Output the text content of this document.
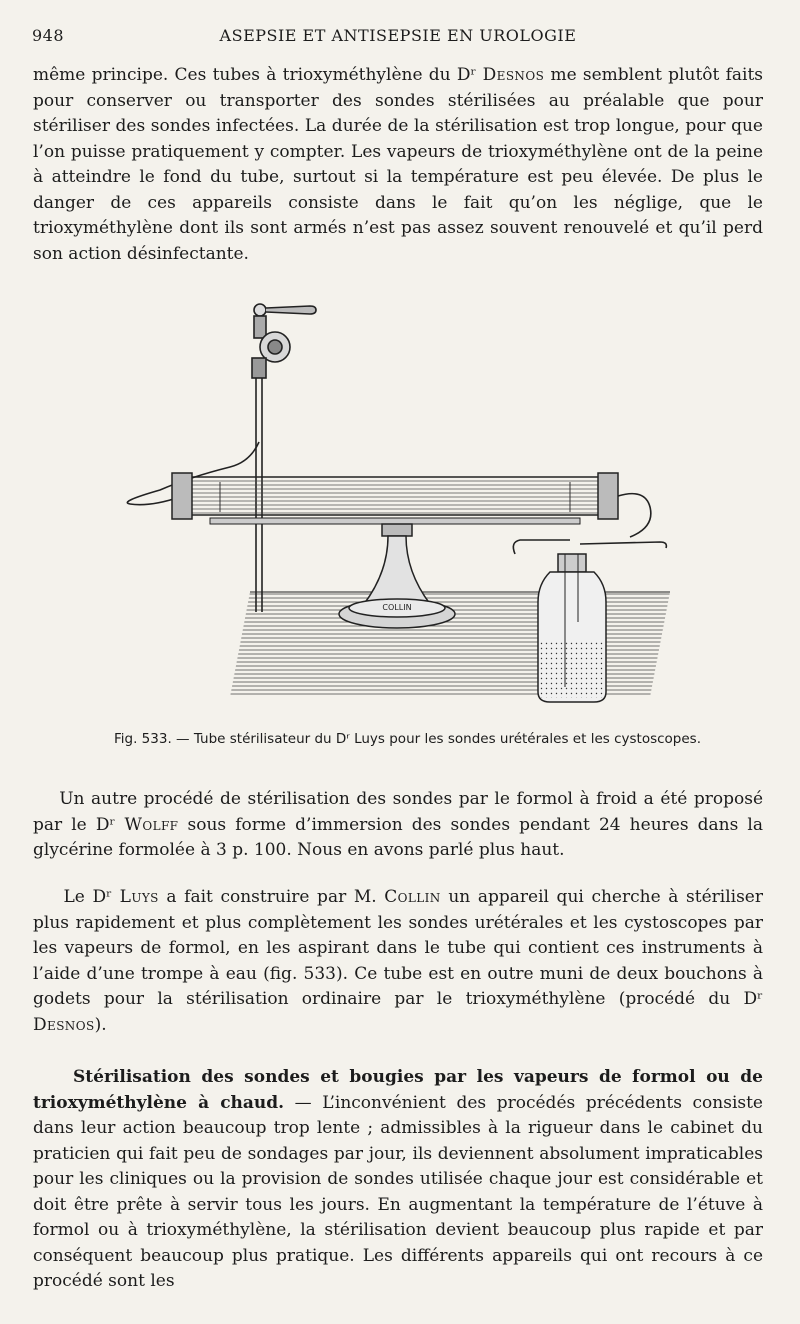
948	ASEPSIE ET ANTISEPSIE EN UROLOGIE

même principe. Ces tubes à trioxyméthylène du Dʳ Desnos me semblent plutôt faits pour conserver ou transporter des sondes stérilisées au préalable que pour stériliser des sondes infectées. La durée de la stérilisation est trop longue, pour que l’on puisse pratiquement y compter. Les vapeurs de trioxyméthylène ont de la peine à atteindre le fond du tube, surtout si la température est peu élevée. De plus le danger de ces appareils consiste dans le fait qu’on les néglige, que le trioxyméthylène dont ils sont armés n’est pas assez souvent renouvelé et qu’il perd son action désinfectante.

COLLIN

Fig. 533. — Tube stérilisateur du Dʳ Luys pour les sondes urétérales et les cystoscopes.

Un autre procédé de stérilisation des sondes par le formol à froid a été proposé par le Dʳ Wolff sous forme d’immersion des sondes pendant 24 heures dans la glycérine formolée à 3 p. 100. Nous en avons parlé plus haut.

Le Dʳ Luys a fait construire par M. Collin un appareil qui cherche à stériliser plus rapidement et plus complètement les sondes urétérales et les cystoscopes par les vapeurs de formol, en les aspirant dans le tube qui contient ces instruments à l’aide d’une trompe à eau (fig. 533). Ce tube est en outre muni de deux bouchons à godets pour la stérilisation ordinaire par le trioxyméthylène (procédé du Dʳ Desnos).

Stérilisation des sondes et bougies par les vapeurs de formol ou de trioxyméthylène à chaud. — L’inconvénient des procédés précédents consiste dans leur action beaucoup trop lente ; admissibles à la rigueur dans le cabinet du praticien qui fait peu de sondages par jour, ils deviennent absolument impraticables pour les cliniques ou la provision de sondes utilisée chaque jour est considérable et doit être prête à servir tous les jours. En augmentant la température de l’étuve à formol ou à trioxyméthylène, la stérilisation devient beaucoup plus rapide et par conséquent beaucoup plus pratique. Les différents appareils qui ont recours à ce procédé sont les
